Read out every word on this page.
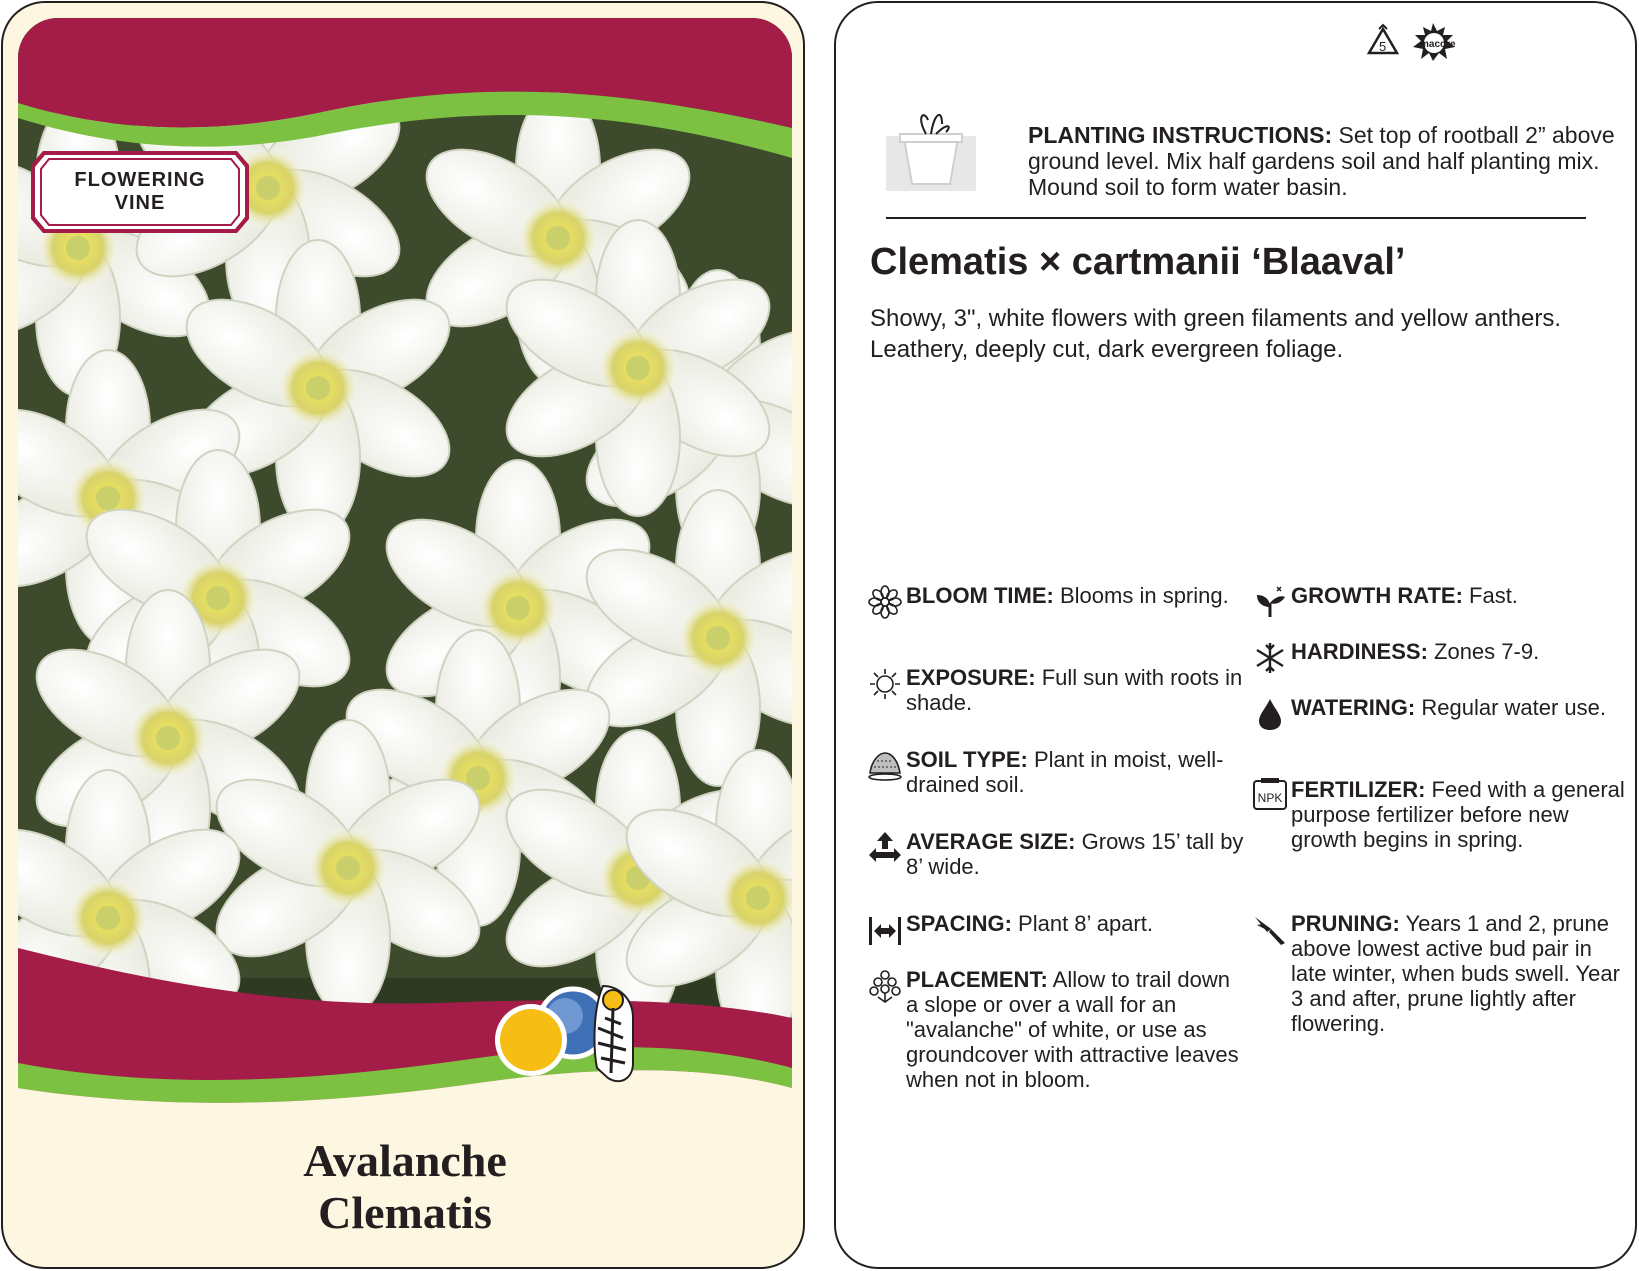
FLOWERING
VINE
Avalanche
Clematis
5	macore
PLANTING INSTRUCTIONS: Set top of rootball 2” above ground level. Mix half gardens soil and half planting mix. Mound soil to form water basin.
Clematis × cartmanii ‘Blaaval’
Showy, 3", white flowers with green filaments and yellow anthers. Leathery, deeply cut, dark evergreen foliage.
BLOOM TIME: Blooms in spring.
EXPOSURE: Full sun with roots in shade.
SOIL TYPE: Plant in moist, well-drained soil.
AVERAGE SIZE: Grows 15’ tall by 8’ wide.
SPACING: Plant 8’ apart.
PLACEMENT: Allow to trail down a slope or over a wall for an "avalanche" of white, or use as groundcover with attractive leaves when not in bloom.
GROWTH RATE: Fast.
HARDINESS: Zones 7-9.
WATERING: Regular water use.
NPK FERTILIZER: Feed with a general purpose fertilizer before new growth begins in spring.
PRUNING: Years 1 and 2, prune above lowest active bud pair in late winter, when buds swell. Year 3 and after, prune lightly after flowering.
